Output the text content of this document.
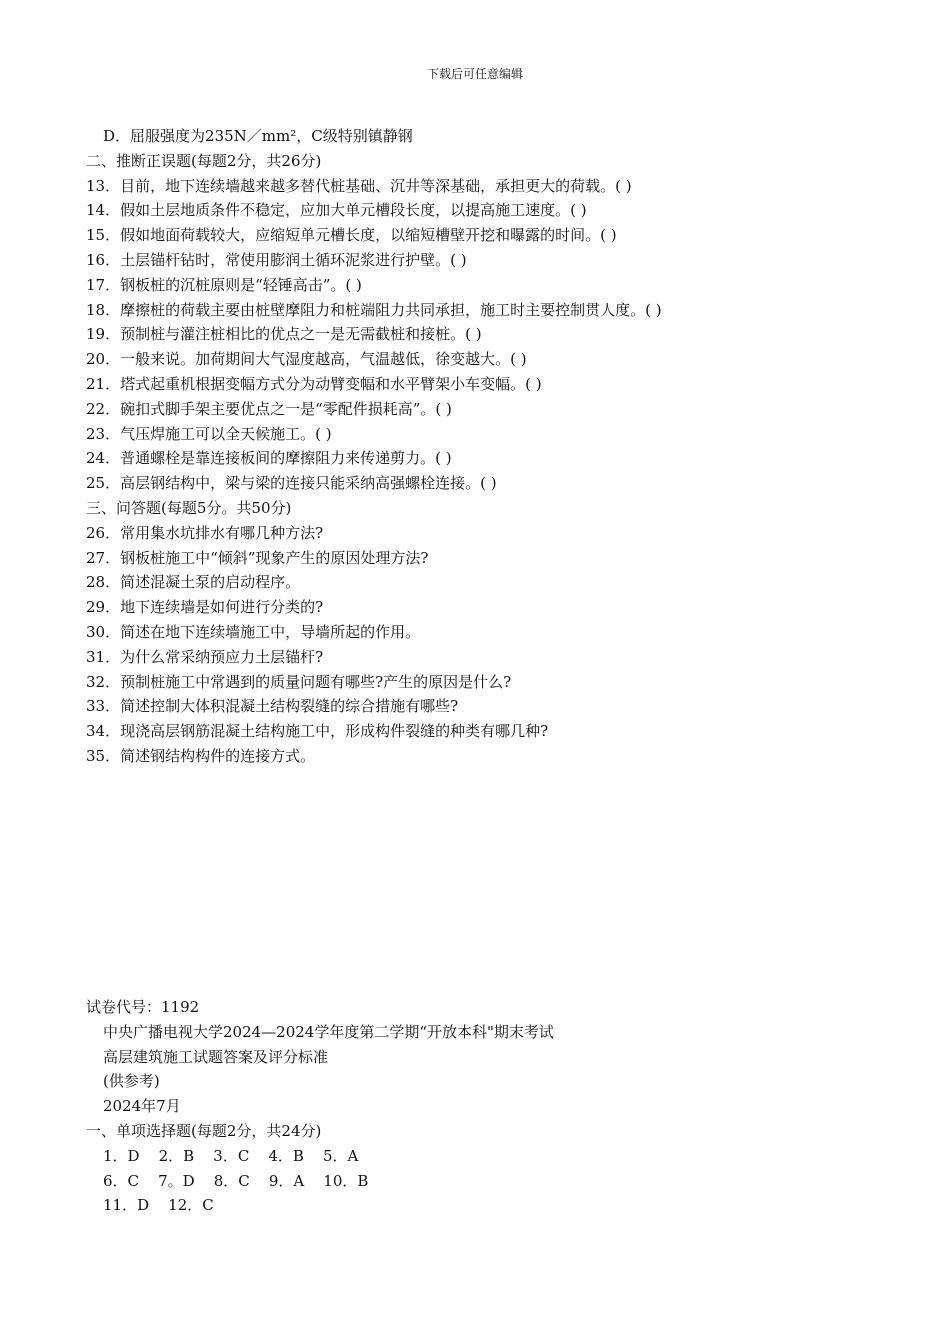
下载后可任意编辑
D．屈服强度为235N／mm²，C级特别镇静钢
二、推断正误题(每题2分，共26分)
13．目前，地下连续墙越来越多替代桩基础、沉井等深基础，承担更大的荷载。( )
14．假如土层地质条件不稳定，应加大单元槽段长度，以提高施工速度。( )
15．假如地面荷载较大，应缩短单元槽长度，以缩短槽壁开挖和曝露的时间。( )
16．土层锚杆钻时，常使用膨润土循环泥浆进行护壁。( )
17．钢板桩的沉桩原则是“轻锤高击”。( )
18．摩擦桩的荷载主要由桩壁摩阻力和桩端阻力共同承担，施工时主要控制贯人度。( )
19．预制桩与灌注桩相比的优点之一是无需截桩和接桩。( )
20．一般来说。加荷期间大气湿度越高，气温越低，徐变越大。( )
21．塔式起重机根据变幅方式分为动臂变幅和水平臂架小车变幅。( )
22．碗扣式脚手架主要优点之一是“零配件损耗高”。( )
23．气压焊施工可以全天候施工。( )
24．普通螺栓是靠连接板间的摩擦阻力来传递剪力。( )
25．高层钢结构中，梁与梁的连接只能采纳高强螺栓连接。( )
三、问答题(每题5分。共50分)
26．常用集水坑排水有哪几种方法?
27．钢板桩施工中“倾斜”现象产生的原因处理方法?
28．简述混凝土泵的启动程序。
29．地下连续墙是如何进行分类的?
30．简述在地下连续墙施工中，导墙所起的作用。
31．为什么常采纳预应力土层锚杆?
32．预制桩施工中常遇到的质量问题有哪些?产生的原因是什么?
33．简述控制大体积混凝土结构裂缝的综合措施有哪些?
34．现浇高层钢筋混凝土结构施工中，形成构件裂缝的种类有哪几种?
35．简述钢结构构件的连接方式。
试卷代号：1192
中央广播电视大学2024—2024学年度第二学期“开放本科"期末考试
高层建筑施工试题答案及评分标准
(供参考)
2024年7月
一、单项选择题(每题2分，共24分)
1．D    2．B    3．C    4．B    5．A
6．C    7。D    8．C    9．A    10．B
11．D    12．C
